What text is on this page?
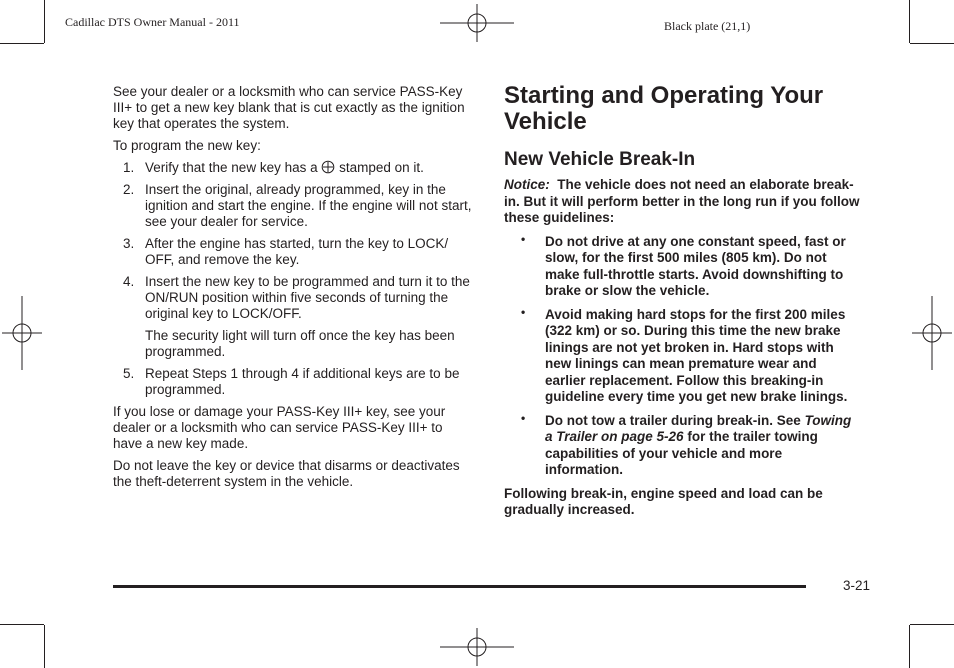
Cadillac DTS Owner Manual - 2011	Black plate (21,1)

See your dealer or a locksmith who can service PASS-Key III+ to get a new key blank that is cut exactly as the ignition key that operates the system.

To program the new key:

1. Verify that the new key has a stamped on it.
2. Insert the original, already programmed, key in the ignition and start the engine. If the engine will not start, see your dealer for service.
3. After the engine has started, turn the key to LOCK/ OFF, and remove the key.
4. Insert the new key to be programmed and turn it to the ON/RUN position within five seconds of turning the original key to LOCK/OFF.
The security light will turn off once the key has been programmed.
5. Repeat Steps 1 through 4 if additional keys are to be programmed.

If you lose or damage your PASS-Key III+ key, see your dealer or a locksmith who can service PASS-Key III+ to have a new key made.

Do not leave the key or device that disarms or deactivates the theft-deterrent system in the vehicle.

Starting and Operating Your Vehicle
New Vehicle Break-In

Notice: The vehicle does not need an elaborate break-in. But it will perform better in the long run if you follow these guidelines:

• Do not drive at any one constant speed, fast or slow, for the first 500 miles (805 km). Do not make full-throttle starts. Avoid downshifting to brake or slow the vehicle.
• Avoid making hard stops for the first 200 miles (322 km) or so. During this time the new brake linings are not yet broken in. Hard stops with new linings can mean premature wear and earlier replacement. Follow this breaking-in guideline every time you get new brake linings.
• Do not tow a trailer during break-in. See Towing a Trailer on page 5-26 for the trailer towing capabilities of your vehicle and more information.

Following break-in, engine speed and load can be gradually increased.

3-21
